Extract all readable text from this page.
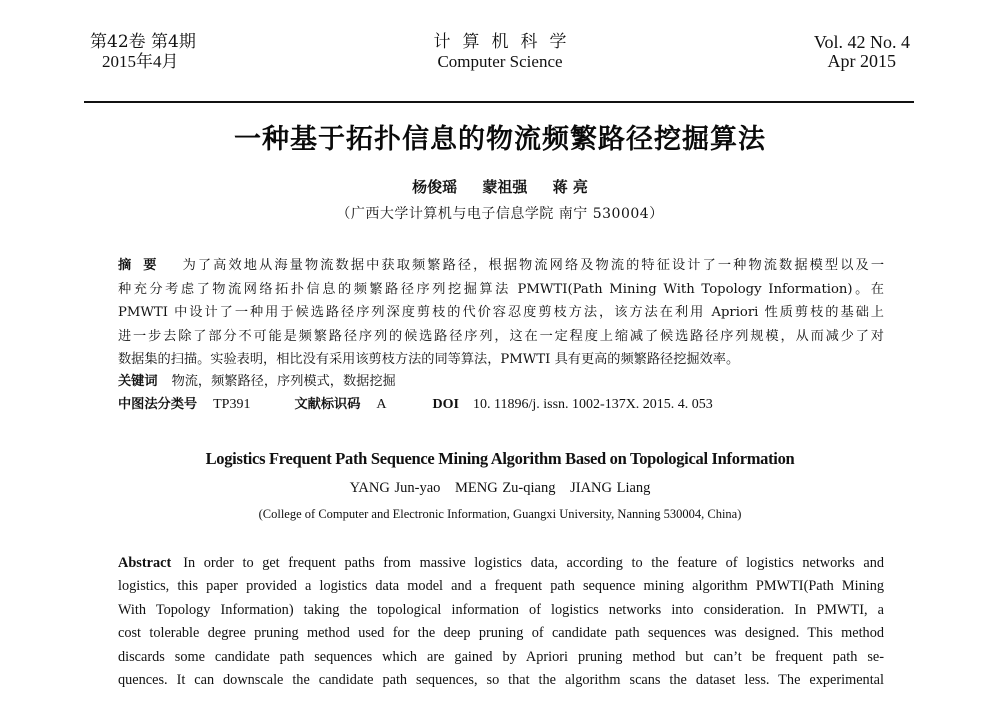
第42卷 第4期
2015年4月
计算机科学
Computer Science
Vol. 42 No. 4
Apr 2015
一种基于拓扑信息的物流频繁路径挖掘算法
杨俊瑶 蒙祖强 蒋 亮
（广西大学计算机与电子信息学院 南宁 530004）
摘要 为了高效地从海量物流数据中获取频繁路径，根据物流网络及物流的特征设计了一种物流数据模型以及一
种充分考虑了物流网络拓扑信息的频繁路径序列挖掘算法 PMWTI(Path Mining With Topology Information)。在
PMWTI 中设计了一种用于候选路径序列深度剪枝的代价容忍度剪枝方法，该方法在利用 Apriori 性质剪枝的基础上
进一步去除了部分不可能是频繁路径序列的候选路径序列，这在一定程度上缩减了候选路径序列规模，从而减少了对
数据集的扫描。实验表明，相比没有采用该剪枝方法的同等算法，PMWTI 具有更高的频繁路径挖掘效率。
关键词 物流，频繁路径，序列模式，数据挖掘
中图法分类号 TP391	文献标识码 A	DOI 10. 11896/j. issn. 1002-137X. 2015. 4. 053
Logistics Frequent Path Sequence Mining Algorithm Based on Topological Information
YANG Jun-yao MENG Zu-qiang JIANG Liang
(College of Computer and Electronic Information, Guangxi University, Nanning 530004, China)
Abstract In order to get frequent paths from massive logistics data, according to the feature of logistics networks and
logistics, this paper provided a logistics data model and a frequent path sequence mining algorithm PMWTI(Path Mining
With Topology Information) taking the topological information of logistics networks into consideration. In PMWTI, a
cost tolerable degree pruning method used for the deep pruning of candidate path sequences was designed. This method
discards some candidate path sequences which are gained by Apriori pruning method but can’t be frequent path se-
quences. It can downscale the candidate path sequences, so that the algorithm scans the dataset less. The experimental
